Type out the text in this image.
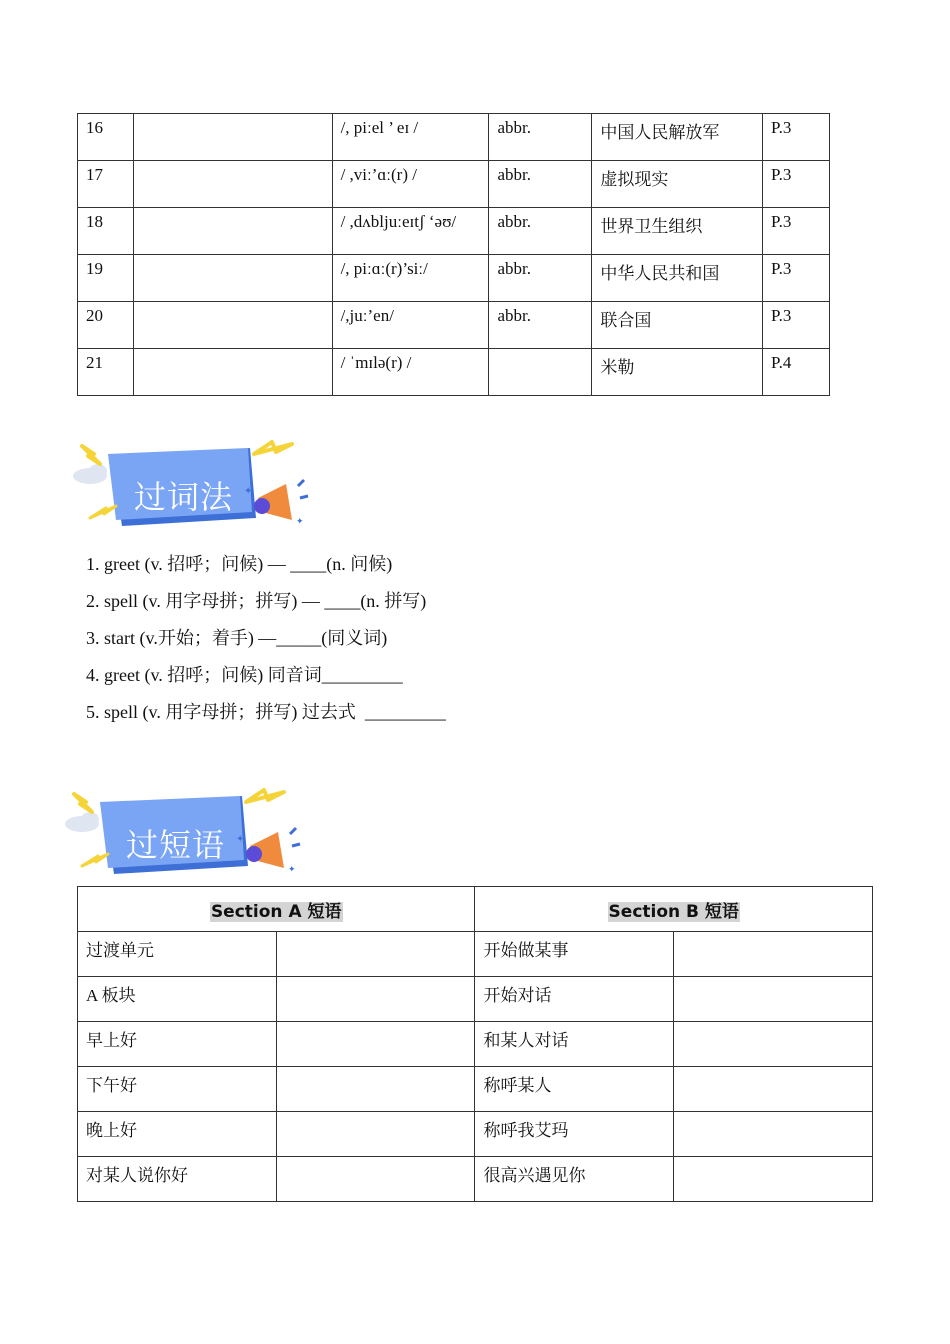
16		/, piːel ’ eɪ /	abbr.	中国人民解放军	P.3
17		/ ,viː’ɑː(r) /	abbr.	虚拟现实	P.3
18		/ ,dʌbljuːeɪtʃ ‘əʊ/	abbr.	世界卫生组织	P.3
19		/, piːɑː(r)’siː/	abbr.	中华人民共和国	P.3
20		/,juː’en/	abbr.	联合国	P.3
21		/ ˈmɪlə(r) /		米勒	P.4
✦
✦
过词法
1. greet (v. 招呼；问候) — ____(n. 问候)
2. spell (v. 用字母拼；拼写) — ____(n. 拼写)
3. start (v.开始；着手) —_____(同义词)
4. greet (v. 招呼；问候) 同音词_________
5. spell (v. 用字母拼；拼写) 过去式  _________
✦
✦
过短语
Section A 短语		Section B 短语	
过渡单元		开始做某事	
A 板块		开始对话	
早上好		和某人对话	
下午好		称呼某人	
晚上好		称呼我艾玛	
对某人说你好		很高兴遇见你	
